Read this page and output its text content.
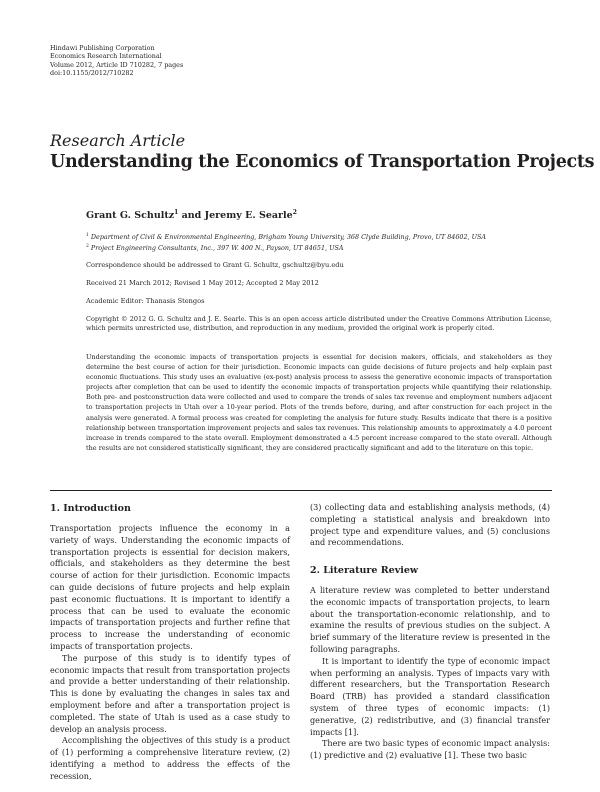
Hindawi Publishing Corporation
Economics Research International
Volume 2012, Article ID 710282, 7 pages
doi:10.1155/2012/710282
Research Article
Understanding the Economics of Transportation Projects
Grant G. Schultz$^1$ and Jeremy E. Searle$^2$
$^1$ Department of Civil & Environmental Engineering, Brigham Young University, 368 Clyde Building, Provo, UT 84602, USA
$^2$ Project Engineering Consultants, Inc., 397 W. 400 N., Payson, UT 84651, USA
Correspondence should be addressed to Grant G. Schultz, gschultz@byu.edu
Received 21 March 2012; Revised 1 May 2012; Accepted 2 May 2012
Academic Editor: Thanasis Stengos
Copyright © 2012 G. G. Schultz and J. E. Searle. This is an open access article distributed under the Creative Commons Attribution License, which permits unrestricted use, distribution, and reproduction in any medium, provided the original work is properly cited.
Understanding the economic impacts of transportation projects is essential for decision makers, officials, and stakeholders as they determine the best course of action for their jurisdiction. Economic impacts can guide decisions of future projects and help explain past economic fluctuations. This study uses an evaluative (ex-post) analysis process to assess the generative economic impacts of transportation projects after completion that can be used to identify the economic impacts of transportation projects while quantifying their relationship. Both pre- and postconstruction data were collected and used to compare the trends of sales tax revenue and employment numbers adjacent to transportation projects in Utah over a 10-year period. Plots of the trends before, during, and after construction for each project in the analysis were generated. A formal process was created for completing the analysis for future study. Results indicate that there is a positive relationship between transportation improvement projects and sales tax revenues. This relationship amounts to approximately a 4.0 percent increase in trends compared to the state overall. Employment demonstrated a 4.5 percent increase compared to the state overall. Although the results are not considered statistically significant, they are considered practically significant and add to the literature on this topic.
1. Introduction

Transportation projects influence the economy in a variety of ways. Understanding the economic impacts of transportation projects is essential for decision makers, officials, and stakeholders as they determine the best course of action for their jurisdiction. Economic impacts can guide decisions of future projects and help explain past economic fluctuations. It is important to identify a process that can be used to evaluate the economic impacts of transportation projects and further refine that process to increase the understanding of economic impacts of transportation projects.

The purpose of this study is to identify types of economic impacts that result from transportation projects and provide a better understanding of their relationship. This is done by evaluating the changes in sales tax and employment before and after a transportation project is completed. The state of Utah is used as a case study to develop an analysis process.

Accomplishing the objectives of this study is a product of (1) performing a comprehensive literature review, (2) identifying a method to address the effects of the recession,

(3) collecting data and establishing analysis methods, (4) completing a statistical analysis and breakdown into project type and expenditure values, and (5) conclusions and recommendations.

2. Literature Review

A literature review was completed to better understand the economic impacts of transportation projects, to learn about the transportation-economic relationship, and to examine the results of previous studies on the subject. A brief summary of the literature review is presented in the following paragraphs.

It is important to identify the type of economic impact when performing an analysis. Types of impacts vary with different researchers, but the Transportation Research Board (TRB) has provided a standard classification system of three types of economic impacts: (1) generative, (2) redistributive, and (3) financial transfer impacts [1].

There are two basic types of economic impact analysis: (1) predictive and (2) evaluative [1]. These two basic
